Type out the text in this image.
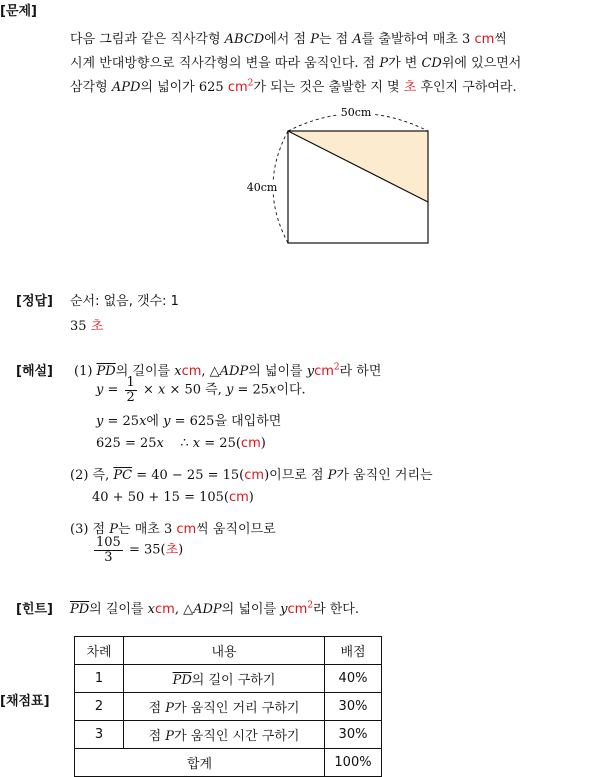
[문제]
다음 그림과 같은 직사각형 ABCD에서 점 P는 점 A를 출발하여 매초 3 cm씩
시계 반대방향으로 직사각형의 변을 따라 움직인다. 점 P가 변 CD위에 있으면서
삼각형 APD의 넓이가 625 $cm^2$가 되는 것은 출발한 지 몇 초 후인지 구하여라.
50cm
40cm
[정답] 순서: 없음, 갯수: 1
35 초
[해설] (1) $\overline{PD}$의 길이를 xcm, △ADP의 넓이를 ycm$^2$라 하면
$y = \frac{1}{2} \times x \times 50$ 즉, y = 25x이다.
y = 25x에 y = 625을 대입하면
625 = 25x    ∴ x = 25(cm)
(2) 즉, $\overline{PC} = 40 - 25 = 15(cm)$이므로 점 P가 움직인 거리는
40 + 50 + 15 = 105(cm)
(3) 점 P는 매초 3 cm씩 움직이므로
$\frac{105}{3} = 35$(초)
[힌트] $\overline{PD}$의 길이를 xcm, △ADP의 넓이를 ycm$^2$라 한다.
[채점표]
차례	내용	배점
1	$\overline{PD}$의 길이 구하기	40%
2	점 P가 움직인 거리 구하기	30%
3	점 P가 움직인 시간 구하기	30%
합계		100%
